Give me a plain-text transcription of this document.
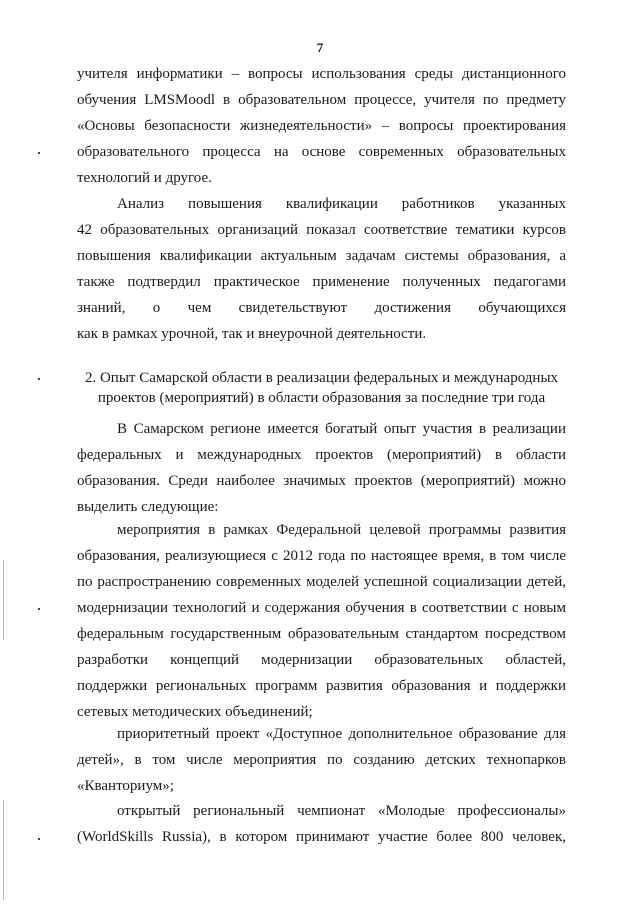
7
учителя информатики – вопросы использования среды дистанционного
обучения LMSMoodl в образовательном процессе, учителя по предмету
«Основы безопасности жизнедеятельности» – вопросы проектирования
образовательного процесса на основе современных образовательных
технологий и другое.
Анализ повышения квалификации работников указанных
42 образовательных организаций показал соответствие тематики курсов
повышения квалификации актуальным задачам системы образования, а
также подтвердил практическое применение полученных педагогами
знаний, о чем свидетельствуют достижения обучающихся
как в рамках урочной, так и внеурочной деятельности.
2. Опыт Самарской области в реализации федеральных и международных
проектов (мероприятий) в области образования за последние три года
В Самарском регионе имеется богатый опыт участия в реализации
федеральных и международных проектов (мероприятий) в области
образования. Среди наиболее значимых проектов (мероприятий) можно
выделить следующие:
мероприятия в рамках Федеральной целевой программы развития
образования, реализующиеся с 2012 года по настоящее время, в том числе
по распространению современных моделей успешной социализации детей,
модернизации технологий и содержания обучения в соответствии с новым
федеральным государственным образовательным стандартом посредством
разработки концепций модернизации образовательных областей,
поддержки региональных программ развития образования и поддержки
сетевых методических объединений;
приоритетный проект «Доступное дополнительное образование для
детей», в том числе мероприятия по созданию детских технопарков
«Кванториум»;
открытый региональный чемпионат «Молодые профессионалы»
(WorldSkills Russia), в котором принимают участие более 800 человек,
